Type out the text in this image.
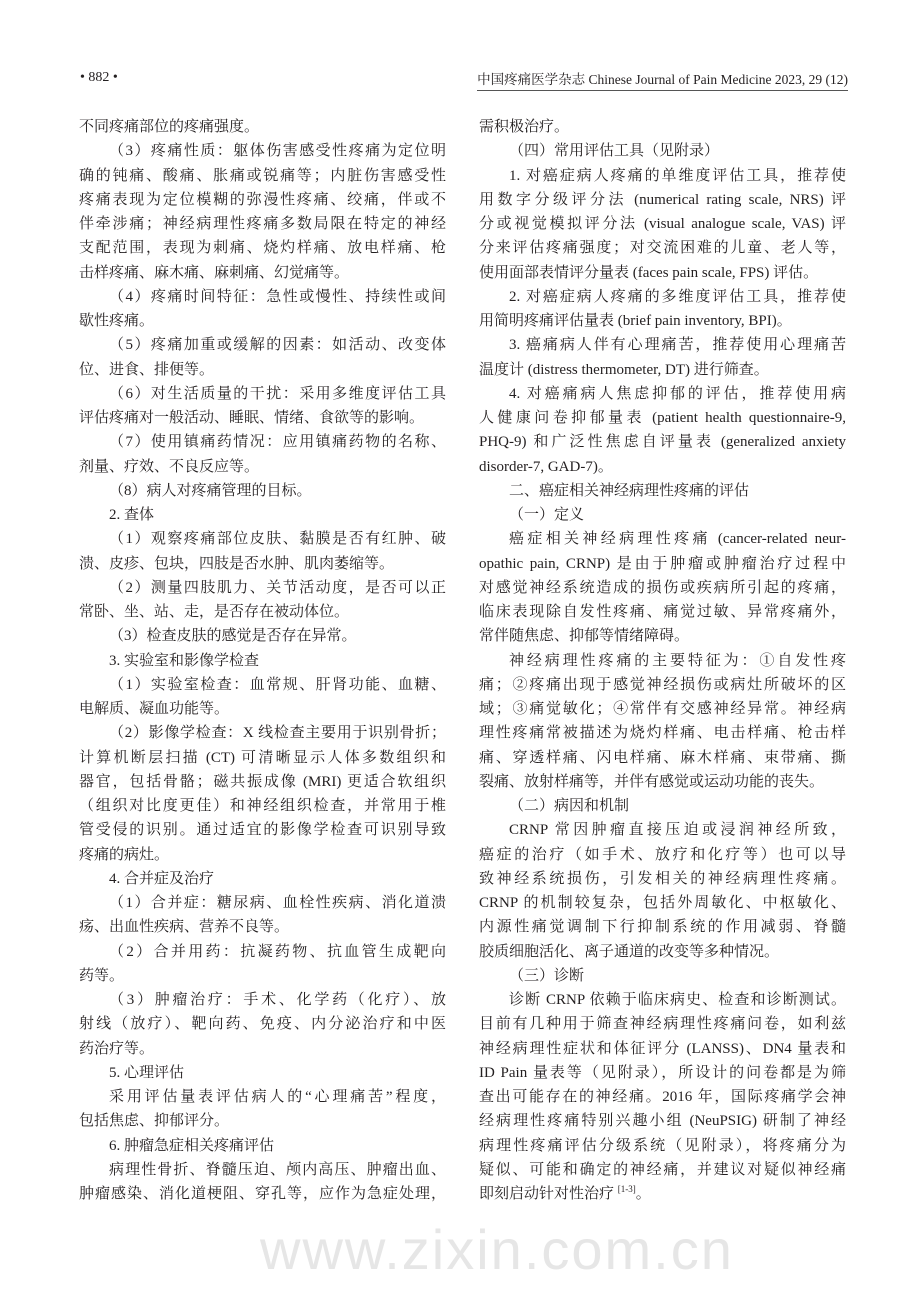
www.zixin.com.cn
• 882 •	中国疼痛医学杂志 Chinese Journal of Pain Medicine 2023, 29 (12)
不同疼痛部位的疼痛强度。
（3）疼痛性质：躯体伤害感受性疼痛为定位明
确的钝痛、酸痛、胀痛或锐痛等；内脏伤害感受性
疼痛表现为定位模糊的弥漫性疼痛、绞痛，伴或不
伴牵涉痛；神经病理性疼痛多数局限在特定的神经
支配范围，表现为刺痛、烧灼样痛、放电样痛、枪
击样疼痛、麻木痛、麻刺痛、幻觉痛等。
（4）疼痛时间特征：急性或慢性、持续性或间
歇性疼痛。
（5）疼痛加重或缓解的因素：如活动、改变体
位、进食、排便等。
（6）对生活质量的干扰：采用多维度评估工具
评估疼痛对一般活动、睡眠、情绪、食欲等的影响。
（7）使用镇痛药情况：应用镇痛药物的名称、
剂量、疗效、不良反应等。
（8）病人对疼痛管理的目标。
2. 查体
（1）观察疼痛部位皮肤、黏膜是否有红肿、破
溃、皮疹、包块，四肢是否水肿、肌肉萎缩等。
（2）测量四肢肌力、关节活动度，是否可以正
常卧、坐、站、走，是否存在被动体位。
（3）检查皮肤的感觉是否存在异常。
3. 实验室和影像学检查
（1）实验室检查：血常规、肝肾功能、血糖、
电解质、凝血功能等。
（2）影像学检查：X 线检查主要用于识别骨折；
计算机断层扫描 (CT) 可清晰显示人体多数组织和
器官，包括骨骼；磁共振成像 (MRI) 更适合软组织
（组织对比度更佳）和神经组织检查，并常用于椎
管受侵的识别。通过适宜的影像学检查可识别导致
疼痛的病灶。
4. 合并症及治疗
（1）合并症：糖尿病、血栓性疾病、消化道溃
疡、出血性疾病、营养不良等。
（2）合并用药：抗凝药物、抗血管生成靶向
药等。
（3）肿瘤治疗：手术、化学药（化疗）、放
射线（放疗）、靶向药、免疫、内分泌治疗和中医
药治疗等。
5. 心理评估
采用评估量表评估病人的“心理痛苦”程度，
包括焦虑、抑郁评分。
6. 肿瘤急症相关疼痛评估
病理性骨折、脊髓压迫、颅内高压、肿瘤出血、
肿瘤感染、消化道梗阻、穿孔等，应作为急症处理，
需积极治疗。
（四）常用评估工具（见附录）
1. 对癌症病人疼痛的单维度评估工具，推荐使
用数字分级评分法 (numerical rating scale, NRS) 评
分或视觉模拟评分法 (visual analogue scale, VAS) 评
分来评估疼痛强度；对交流困难的儿童、老人等，
使用面部表情评分量表 (faces pain scale, FPS) 评估。
2. 对癌症病人疼痛的多维度评估工具，推荐使
用简明疼痛评估量表 (brief pain inventory, BPI)。
3. 癌痛病人伴有心理痛苦，推荐使用心理痛苦
温度计 (distress thermometer, DT) 进行筛查。
4. 对癌痛病人焦虑抑郁的评估，推荐使用病
人健康问卷抑郁量表 (patient health questionnaire-9,
PHQ-9) 和广泛性焦虑自评量表 (generalized anxiety
disorder-7, GAD-7)。
二、癌症相关神经病理性疼痛的评估
（一）定义
癌症相关神经病理性疼痛 (cancer-related neur-
opathic pain, CRNP) 是由于肿瘤或肿瘤治疗过程中
对感觉神经系统造成的损伤或疾病所引起的疼痛，
临床表现除自发性疼痛、痛觉过敏、异常疼痛外，
常伴随焦虑、抑郁等情绪障碍。
神经病理性疼痛的主要特征为：①自发性疼
痛；②疼痛出现于感觉神经损伤或病灶所破坏的区
域；③痛觉敏化；④常伴有交感神经异常。神经病
理性疼痛常被描述为烧灼样痛、电击样痛、枪击样
痛、穿透样痛、闪电样痛、麻木样痛、束带痛、撕
裂痛、放射样痛等，并伴有感觉或运动功能的丧失。
（二）病因和机制
CRNP 常因肿瘤直接压迫或浸润神经所致，
癌症的治疗（如手术、放疗和化疗等）也可以导
致神经系统损伤，引发相关的神经病理性疼痛。
CRNP 的机制较复杂，包括外周敏化、中枢敏化、
内源性痛觉调制下行抑制系统的作用减弱、脊髓
胶质细胞活化、离子通道的改变等多种情况。
（三）诊断
诊断 CRNP 依赖于临床病史、检查和诊断测试。
目前有几种用于筛查神经病理性疼痛问卷，如利兹
神经病理性症状和体征评分 (LANSS)、DN4 量表和
ID Pain 量表等（见附录），所设计的问卷都是为筛
查出可能存在的神经痛。2016 年，国际疼痛学会神
经病理性疼痛特别兴趣小组 (NeuPSIG) 研制了神经
病理性疼痛评估分级系统（见附录），将疼痛分为
疑似、可能和确定的神经痛，并建议对疑似神经痛
即刻启动针对性治疗 [1-3]。
